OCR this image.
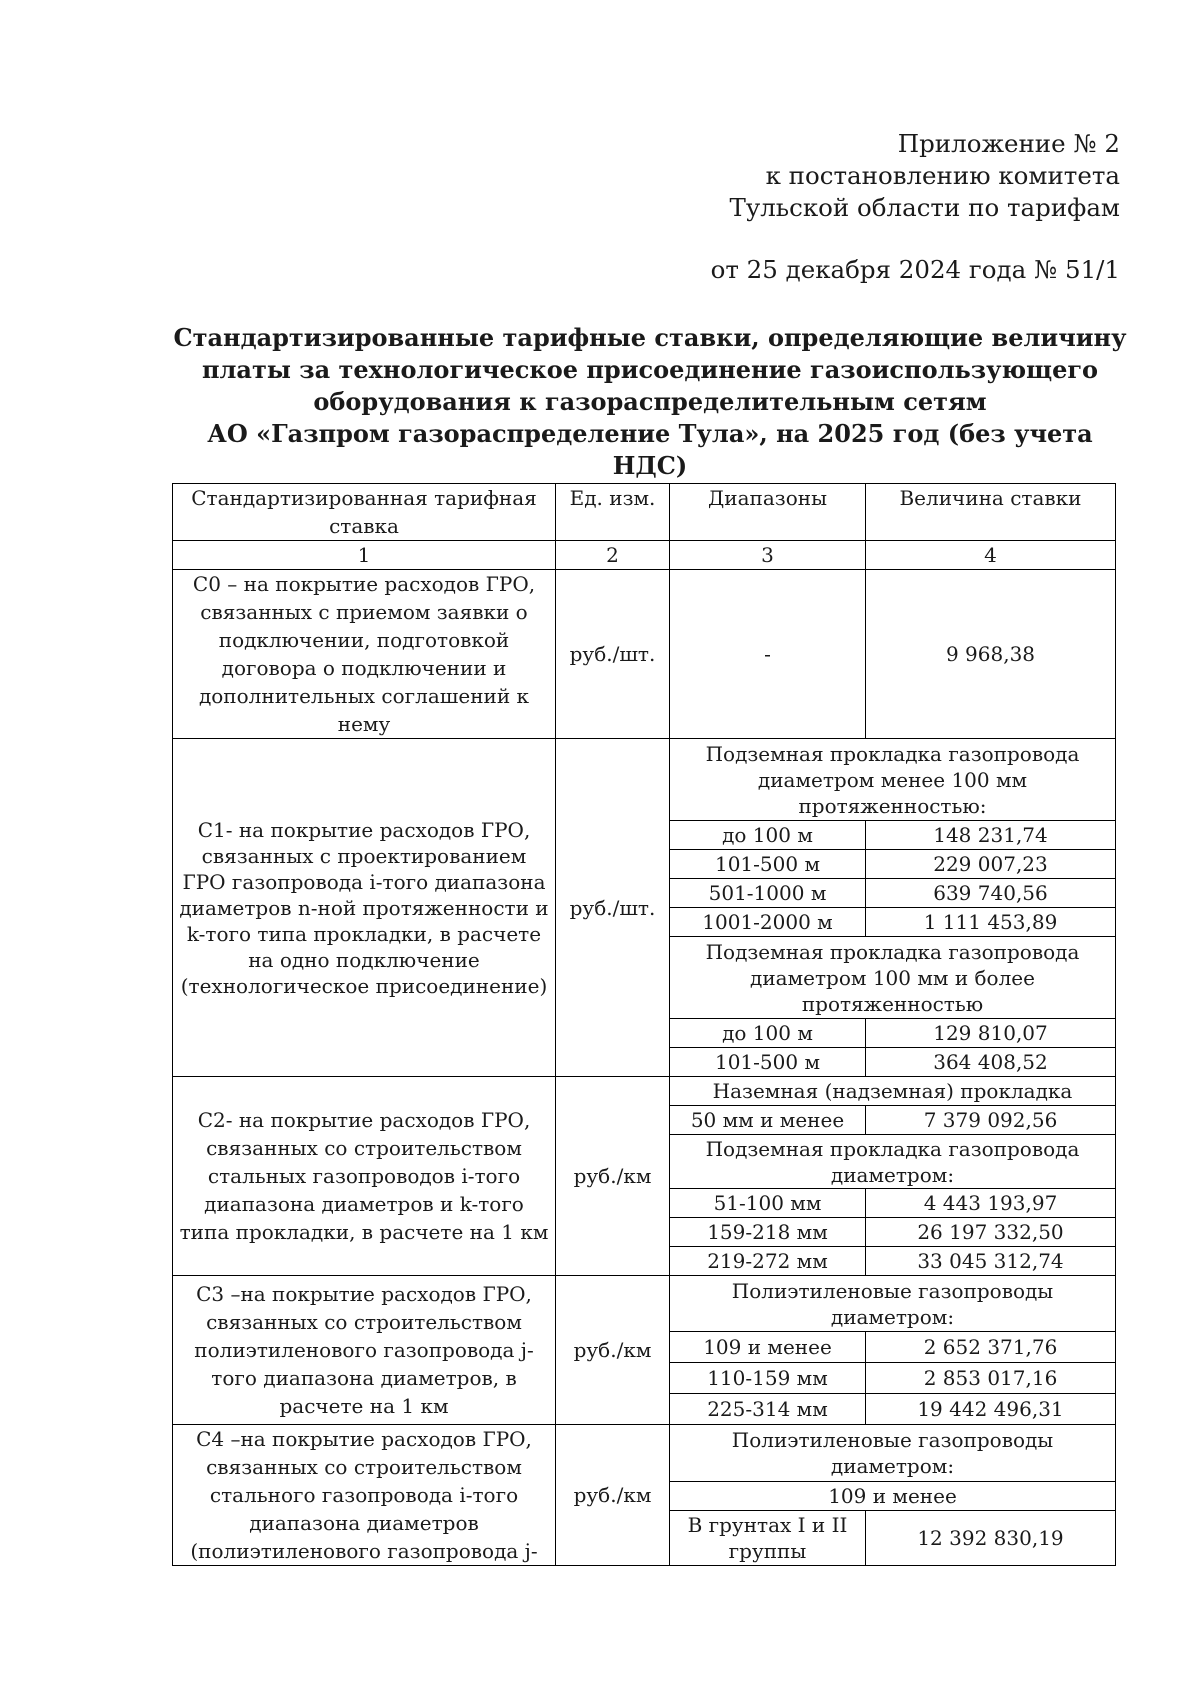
Приложение № 2
к постановлению комитета
Тульской области по тарифам
от 25 декабря 2024 года № 51/1
Стандартизированные тарифные ставки, определяющие величину
платы за технологическое присоединение газоиспользующего
оборудования к газораспределительным сетям
АО «Газпром газораспределение Тула», на 2025 год (без учета НДС)
Стандартизированная тарифная ставка	Ед. изм.	Диапазоны	Величина ставки
1	2	3	4
С0 – на покрытие расходов ГРО, связанных с приемом заявки о подключении, подготовкой договора о подключении и дополнительных соглашений к нему	руб./шт.	-	9 968,38
С1- на покрытие расходов ГРО, связанных с проектированием ГРО газопровода i-того диапазона диаметров n-ной протяженности и k-того типа прокладки, в расчете на одно подключение (технологическое присоединение)	руб./шт.	Подземная прокладка газопровода диаметром менее 100 мм протяженностью:	
		до 100 м	148 231,74
		101-500 м	229 007,23
		501-1000 м	639 740,56
		1001-2000 м	1 111 453,89
		Подземная прокладка газопровода диаметром 100 мм и более протяженностью	
		до 100 м	129 810,07
		101-500 м	364 408,52

С2- на покрытие расходов ГРО, связанных со строительством стальных газопроводов i-того диапазона диаметров и k-того типа прокладки, в расчете на 1 км	руб./км	Наземная (надземная) прокладка	
		50 мм и менее	7 379 092,56
		Подземная прокладка газопровода диаметром:	
		51-100 мм	4 443 193,97
		159-218 мм	26 197 332,50
		219-272 мм	33 045 312,74
С3 –на покрытие расходов ГРО, связанных со строительством полиэтиленового газопровода j-того диапазона диаметров, в расчете на 1 км	руб./км	Полиэтиленовые газопроводы диаметром:	
		109 и менее	2 652 371,76
		110-159 мм	2 853 017,16
		225-314 мм	19 442 496,31
С4 –на покрытие расходов ГРО, связанных со строительством стального газопровода i-того диапазона диаметров (полиэтиленового газопровода j-	руб./км	Полиэтиленовые газопроводы диаметром:	
		109 и менее	
		В грунтах I и II группы	12 392 830,19
